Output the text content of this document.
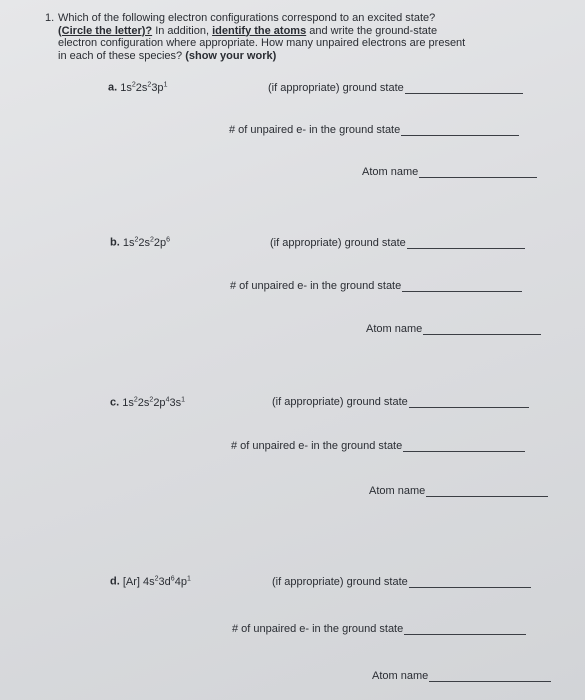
1. Which of the following electron configurations correspond to an excited state?
(Circle the letter)? In addition, identify the atoms and write the ground-state
electron configuration where appropriate. How many unpaired electrons are present
in each of these species? (show your work)
a. $1s^22s^23p^1$	(if appropriate) ground state
# of unpaired e- in the ground state
Atom name
b. $1s^22s^22p^6$	(if appropriate) ground state
# of unpaired e- in the ground state
Atom name
c. $1s^22s^22p^43s^1$	(if appropriate) ground state
# of unpaired e- in the ground state
Atom name
d. [Ar] $4s^23d^64p^1$	(if appropriate) ground state
# of unpaired e- in the ground state
Atom name
